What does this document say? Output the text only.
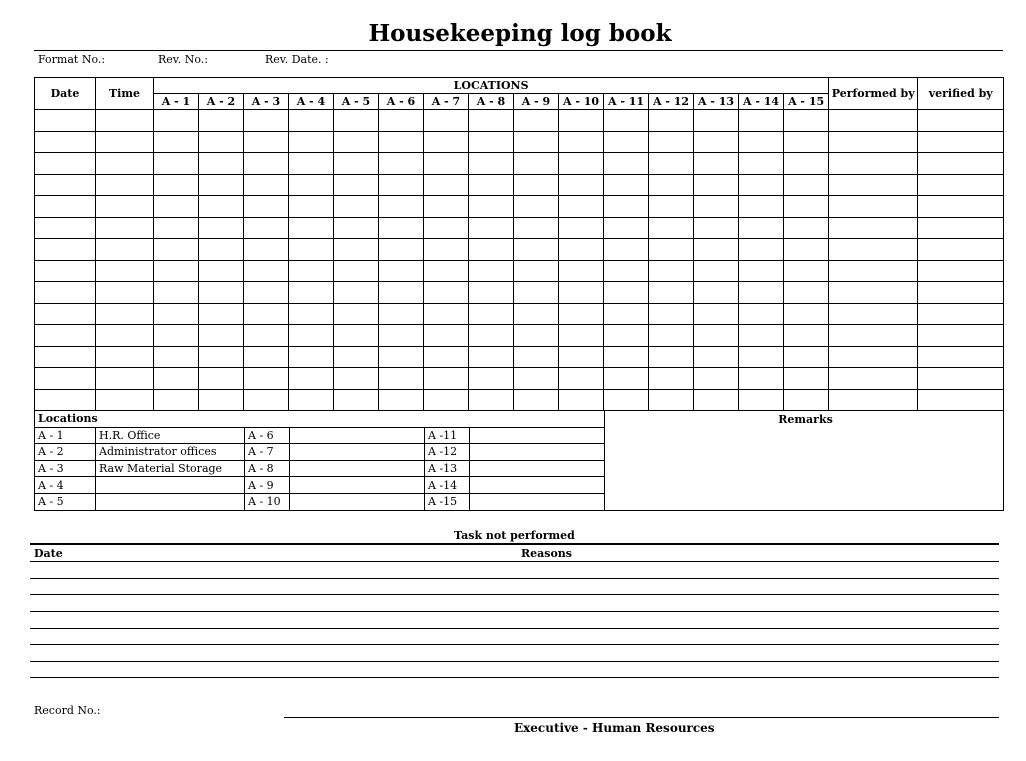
Housekeeping log book
Format No.:	Rev. No.:	Rev. Date. :
Date	Time	LOCATIONS															Performed by	verified by
		A - 1	A - 2	A - 3	A - 4	A - 5	A - 6	A - 7	A - 8	A - 9	A - 10	A - 11	A - 12	A - 13	A - 14	A - 15		

Locations						Remarks
A - 1	H.R. Office	A - 6		A -11		
A - 2	Administrator offices	A - 7		A -12		
A - 3	Raw Material Storage	A - 8		A -13		
A - 4		A - 9		A -14		
A - 5		A - 10		A -15		
Task not performed
Date	Reasons
Record No.:
Executive - Human Resources
